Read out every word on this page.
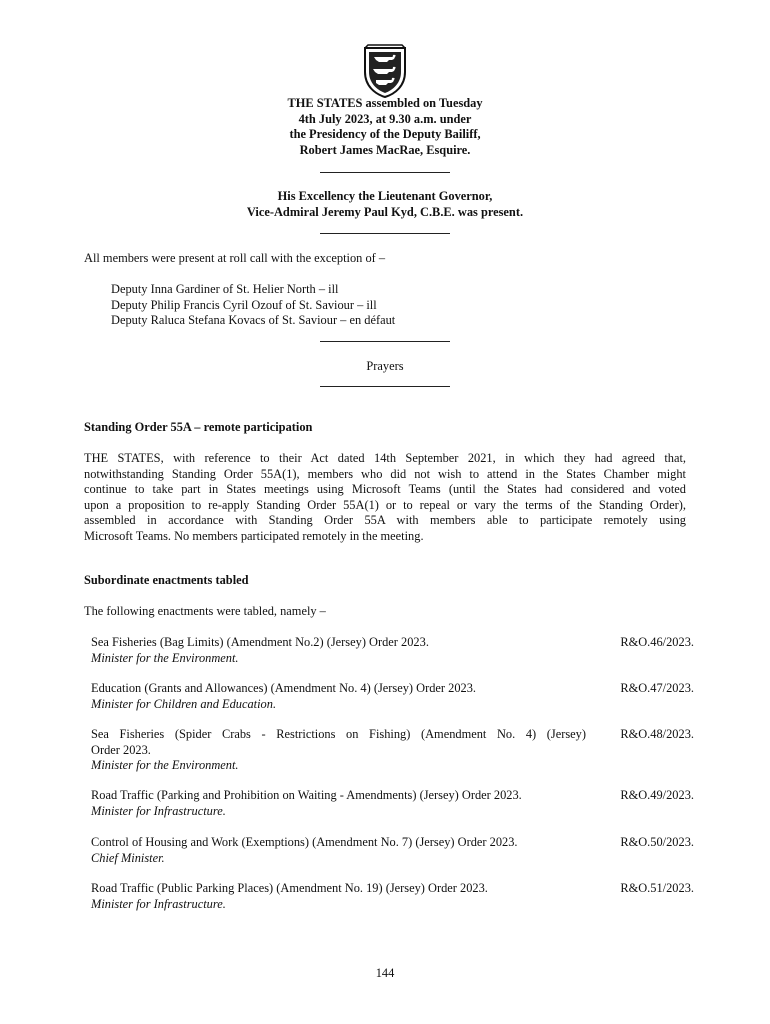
THE STATES assembled on Tuesday
4th July 2023, at 9.30 a.m. under
the Presidency of the Deputy Bailiff,
Robert James MacRae, Esquire.
His Excellency the Lieutenant Governor,
Vice-Admiral Jeremy Paul Kyd, C.B.E. was present.
All members were present at roll call with the exception of –
Deputy Inna Gardiner of St. Helier North – ill
Deputy Philip Francis Cyril Ozouf of St. Saviour – ill
Deputy Raluca Stefana Kovacs of St. Saviour – en défaut
Prayers
Standing Order 55A – remote participation
THE STATES, with reference to their Act dated 14th September 2021, in which they had agreed that,
notwithstanding Standing Order 55A(1), members who did not wish to attend in the States Chamber might
continue to take part in States meetings using Microsoft Teams (until the States had considered and voted
upon a proposition to re-apply Standing Order 55A(1) or to repeal or vary the terms of the Standing Order),
assembled in accordance with Standing Order 55A with members able to participate remotely using
Microsoft Teams. No members participated remotely in the meeting.
Subordinate enactments tabled
The following enactments were tabled, namely –
Sea Fisheries (Bag Limits) (Amendment No.2) (Jersey) Order 2023.
Minister for the Environment.
R&O.46/2023.
Education (Grants and Allowances) (Amendment No. 4) (Jersey) Order 2023.
Minister for Children and Education.
R&O.47/2023.
Sea Fisheries (Spider Crabs - Restrictions on Fishing) (Amendment No. 4) (Jersey)
Order 2023.
Minister for the Environment.
R&O.48/2023.
Road Traffic (Parking and Prohibition on Waiting - Amendments) (Jersey) Order 2023.
Minister for Infrastructure.
R&O.49/2023.
Control of Housing and Work (Exemptions) (Amendment No. 7) (Jersey) Order 2023.
Chief Minister.
R&O.50/2023.
Road Traffic (Public Parking Places) (Amendment No. 19) (Jersey) Order 2023.
Minister for Infrastructure.
R&O.51/2023.
144
